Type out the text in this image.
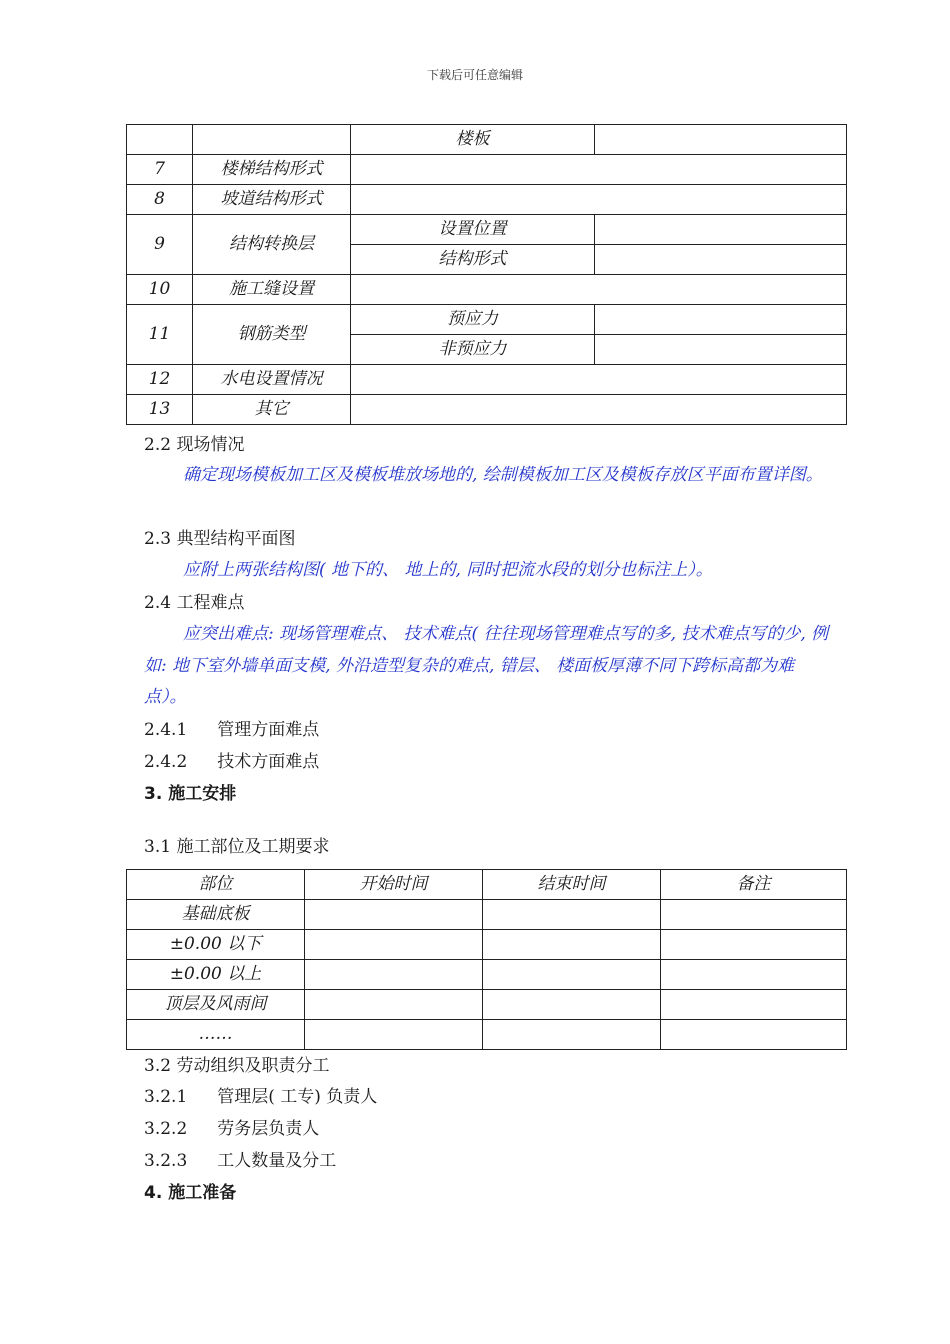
下载后可任意编辑
		楼板	
7	楼梯结构形式		
8	坡道结构形式		
9	结构转换层	设置位置	
		结构形式	
10	施工缝设置		
11	钢筋类型	预应力	
		非预应力	
12	水电设置情况		
13	其它		
2.2 现场情况
确定现场模板加工区及模板堆放场地的, 绘制模板加工区及模板存放区平面布置详图。
2.3 典型结构平面图
应附上两张结构图( 地下的、 地上的, 同时把流水段的划分也标注上）。
2.4 工程难点
应突出难点: 现场管理难点、 技术难点( 往往现场管理难点写的多, 技术难点写的少, 例如: 地下室外墙单面支模, 外沿造型复杂的难点, 错层、 楼面板厚薄不同下跨标高都为难点）。
2.4.1 管理方面难点
2.4.2 技术方面难点
3. 施工安排
3.1 施工部位及工期要求
部位	开始时间	结束时间	备注
基础底板			
±0.00 以下			
±0.00 以上			
顶层及风雨间			
……			
3.2 劳动组织及职责分工
3.2.1 管理层( 工专) 负责人
3.2.2 劳务层负责人
3.2.3 工人数量及分工
4. 施工准备
